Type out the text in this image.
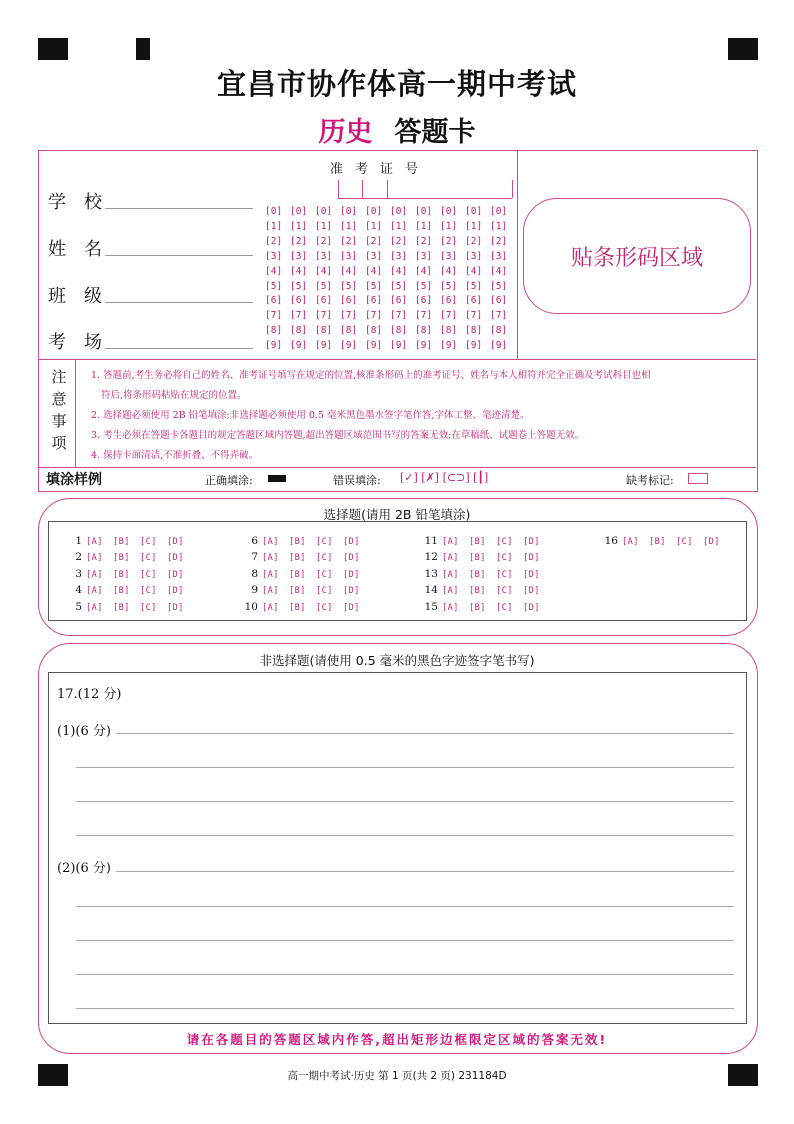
宜昌市协作体高一期中考试
历史 答题卡
学校
姓名
班级
考场
准考证号
[0] [0] [0] [0] [0] [0] [0] [0] [0] [0]
[1] [1] [1] [1] [1] [1] [1] [1] [1] [1]
[2] [2] [2] [2] [2] [2] [2] [2] [2] [2]
[3] [3] [3] [3] [3] [3] [3] [3] [3] [3]
[4] [4] [4] [4] [4] [4] [4] [4] [4] [4]
[5] [5] [5] [5] [5] [5] [5] [5] [5] [5]
[6] [6] [6] [6] [6] [6] [6] [6] [6] [6]
[7] [7] [7] [7] [7] [7] [7] [7] [7] [7]
[8] [8] [8] [8] [8] [8] [8] [8] [8] [8]
[9] [9] [9] [9] [9] [9] [9] [9] [9] [9]
贴条形码区域
注
意
事
项
1. 答题前,考生务必将自己的姓名、准考证号填写在规定的位置,核准条形码上的准考证号、姓名与本人相符并完全正确及考试科目也相
符后,将条形码粘贴在规定的位置。
2. 选择题必须使用 2B 铅笔填涂;非选择题必须使用 0.5 毫米黑色墨水签字笔作答,字体工整、笔迹清楚。
3. 考生必须在答题卡各题目的规定答题区域内答题,超出答题区域范围书写的答案无效;在草稿纸、试题卷上答题无效。
4. 保持卡面清洁,不准折叠、不得弄破。
填涂样例	正确填涂:	错误填涂: [✓] [✗] [⊂⊃] [┃]	缺考标记:
选择题(请用 2B 铅笔填涂)
1 [A] [B] [C] [D]
2 [A] [B] [C] [D]
3 [A] [B] [C] [D]
4 [A] [B] [C] [D]
5 [A] [B] [C] [D]
6 [A] [B] [C] [D]
7 [A] [B] [C] [D]
8 [A] [B] [C] [D]
9 [A] [B] [C] [D]
10 [A] [B] [C] [D]
11 [A] [B] [C] [D]
12 [A] [B] [C] [D]
13 [A] [B] [C] [D]
14 [A] [B] [C] [D]
15 [A] [B] [C] [D]
16 [A] [B] [C] [D]
非选择题(请使用 0.5 毫米的黑色字迹签字笔书写)
17.(12 分)
(1)(6 分)
(2)(6 分)
请在各题目的答题区域内作答,超出矩形边框限定区域的答案无效!
高一期中考试·历史 第 1 页(共 2 页) 231184D
